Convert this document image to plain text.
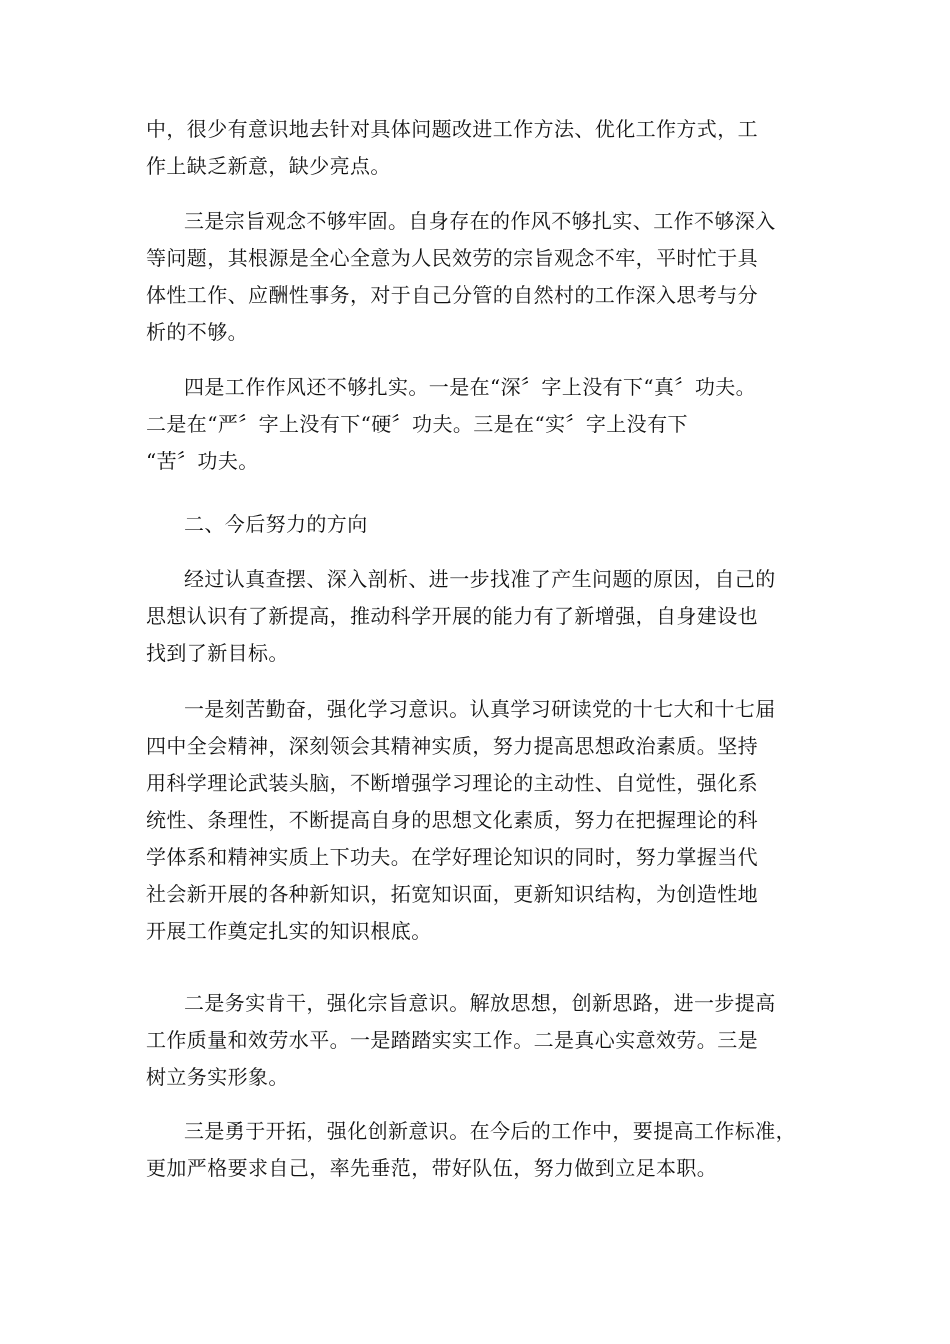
中，很少有意识地去针对具体问题改进工作方法、优化工作方式，工
作上缺乏新意，缺少亮点。
三是宗旨观念不够牢固。自身存在的作风不够扎实、工作不够深入
等问题，其根源是全心全意为人民效劳的宗旨观念不牢，平时忙于具
体性工作、应酬性事务，对于自己分管的自然村的工作深入思考与分
析的不够。
四是工作作风还不够扎实。一是在“深〞字上没有下“真〞功夫。
二是在“严〞字上没有下“硬〞功夫。三是在“实〞字上没有下
“苦〞功夫。
二、今后努力的方向
经过认真查摆、深入剖析、进一步找准了产生问题的原因，自己的
思想认识有了新提高，推动科学开展的能力有了新增强，自身建设也
找到了新目标。
一是刻苦勤奋，强化学习意识。认真学习研读党的十七大和十七届
四中全会精神，深刻领会其精神实质，努力提高思想政治素质。坚持
用科学理论武装头脑，不断增强学习理论的主动性、自觉性，强化系
统性、条理性，不断提高自身的思想文化素质，努力在把握理论的科
学体系和精神实质上下功夫。在学好理论知识的同时，努力掌握当代
社会新开展的各种新知识，拓宽知识面，更新知识结构，为创造性地
开展工作奠定扎实的知识根底。
二是务实肯干，强化宗旨意识。解放思想，创新思路，进一步提高
工作质量和效劳水平。一是踏踏实实工作。二是真心实意效劳。三是
树立务实形象。
三是勇于开拓，强化创新意识。在今后的工作中，要提高工作标准，
更加严格要求自己，率先垂范，带好队伍，努力做到立足本职。
